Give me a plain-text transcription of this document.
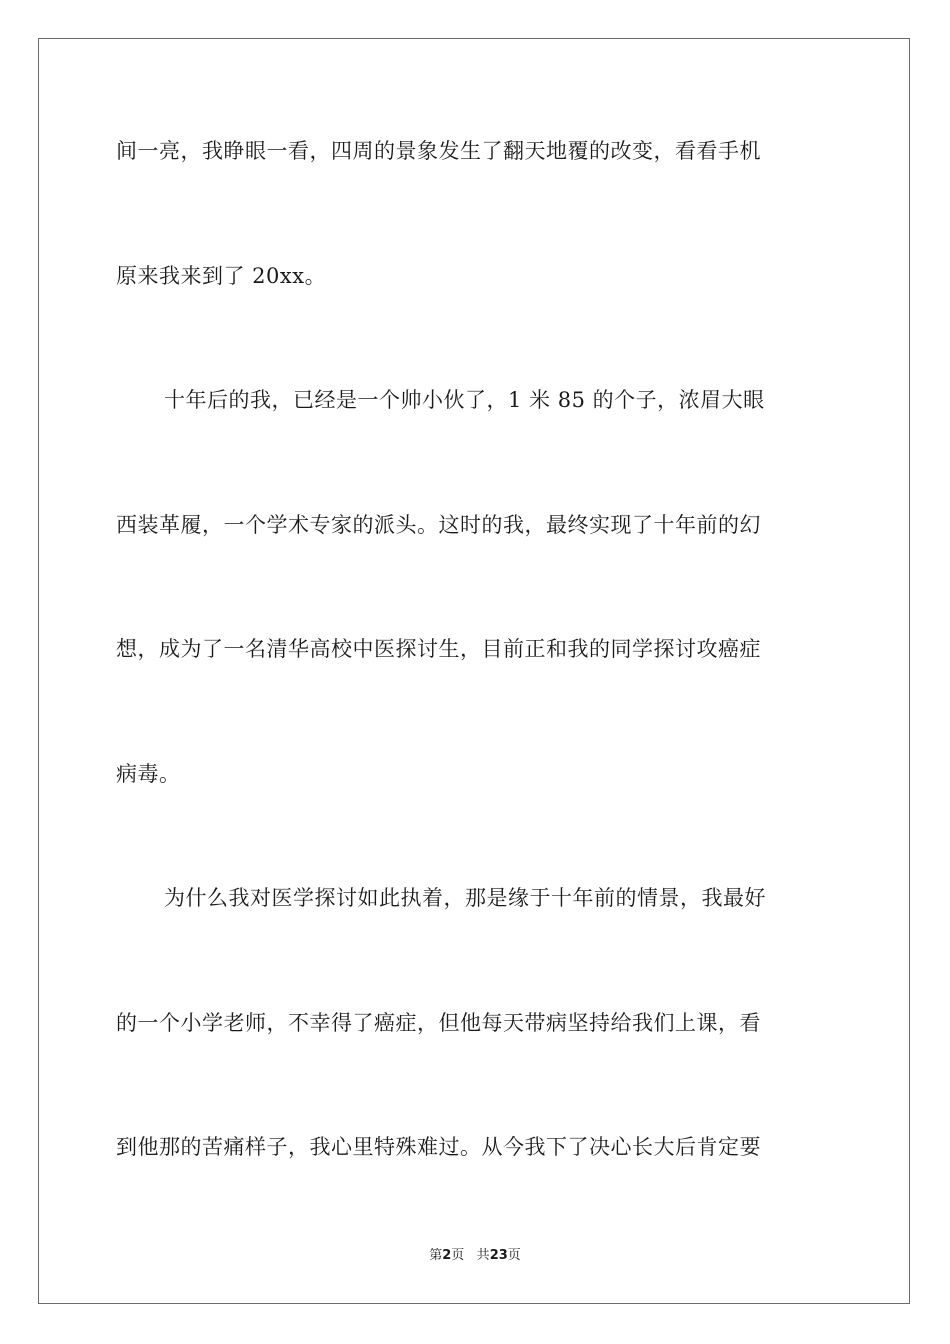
间一亮，我睁眼一看，四周的景象发生了翻天地覆的改变，看看手机
原来我来到了 20xx。
十年后的我，已经是一个帅小伙了，1 米 85 的个子，浓眉大眼
西装革履，一个学术专家的派头。这时的我，最终实现了十年前的幻
想，成为了一名清华高校中医探讨生，目前正和我的同学探讨攻癌症
病毒。
为什么我对医学探讨如此执着，那是缘于十年前的情景，我最好
的一个小学老师，不幸得了癌症，但他每天带病坚持给我们上课，看
到他那的苦痛样子，我心里特殊难过。从今我下了决心长大后肯定要
第2页 共23页
